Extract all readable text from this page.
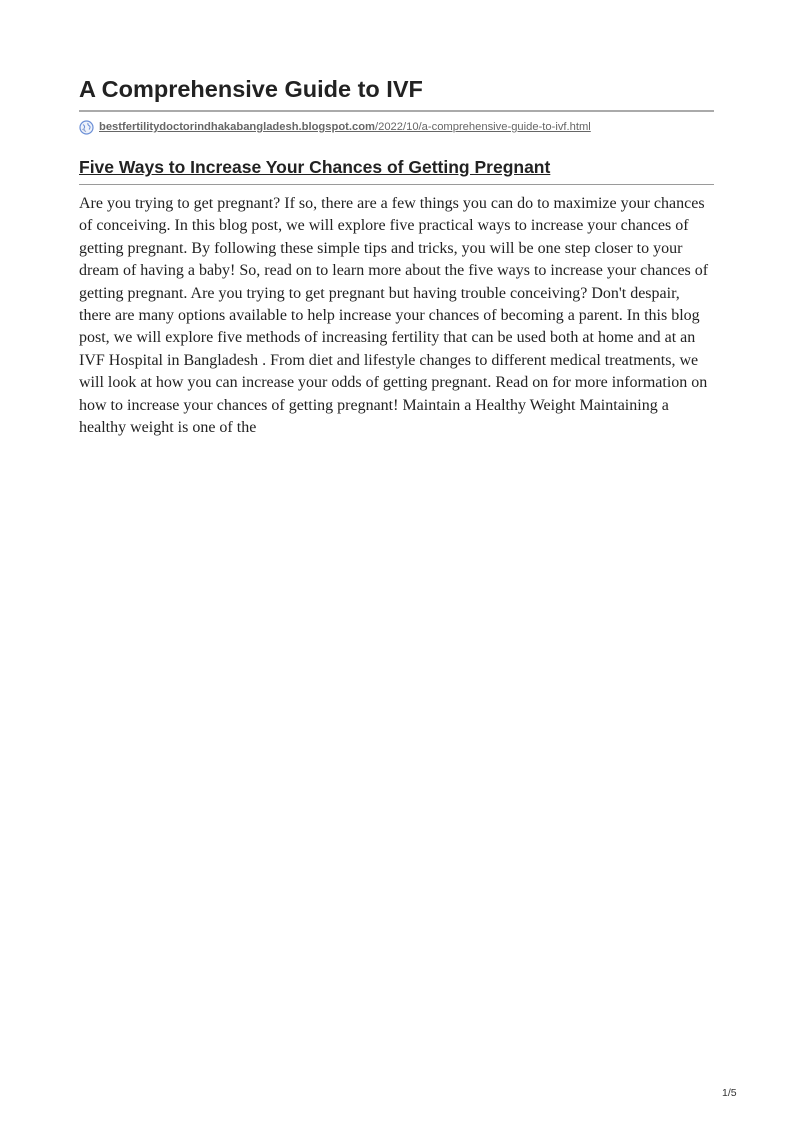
A Comprehensive Guide to IVF
bestfertilitydoctorindhakabangladesh.blogspot.com/2022/10/a-comprehensive-guide-to-ivf.html
Five Ways to Increase Your Chances of Getting Pregnant

Are you trying to get pregnant? If so, there are a few things you can do to maximize your chances of conceiving. In this blog post, we will explore five practical ways to increase your chances of getting pregnant. By following these simple tips and tricks, you will be one step closer to your dream of having a baby! So, read on to learn more about the five ways to increase your chances of getting pregnant. Are you trying to get pregnant but having trouble conceiving? Don't despair, there are many options available to help increase your chances of becoming a parent. In this blog post, we will explore five methods of increasing fertility that can be used both at home and at an IVF Hospital in Bangladesh . From diet and lifestyle changes to different medical treatments, we will look at how you can increase your odds of getting pregnant. Read on for more information on how to increase your chances of getting pregnant! Maintain a Healthy Weight Maintaining a healthy weight is one of the

1/5
